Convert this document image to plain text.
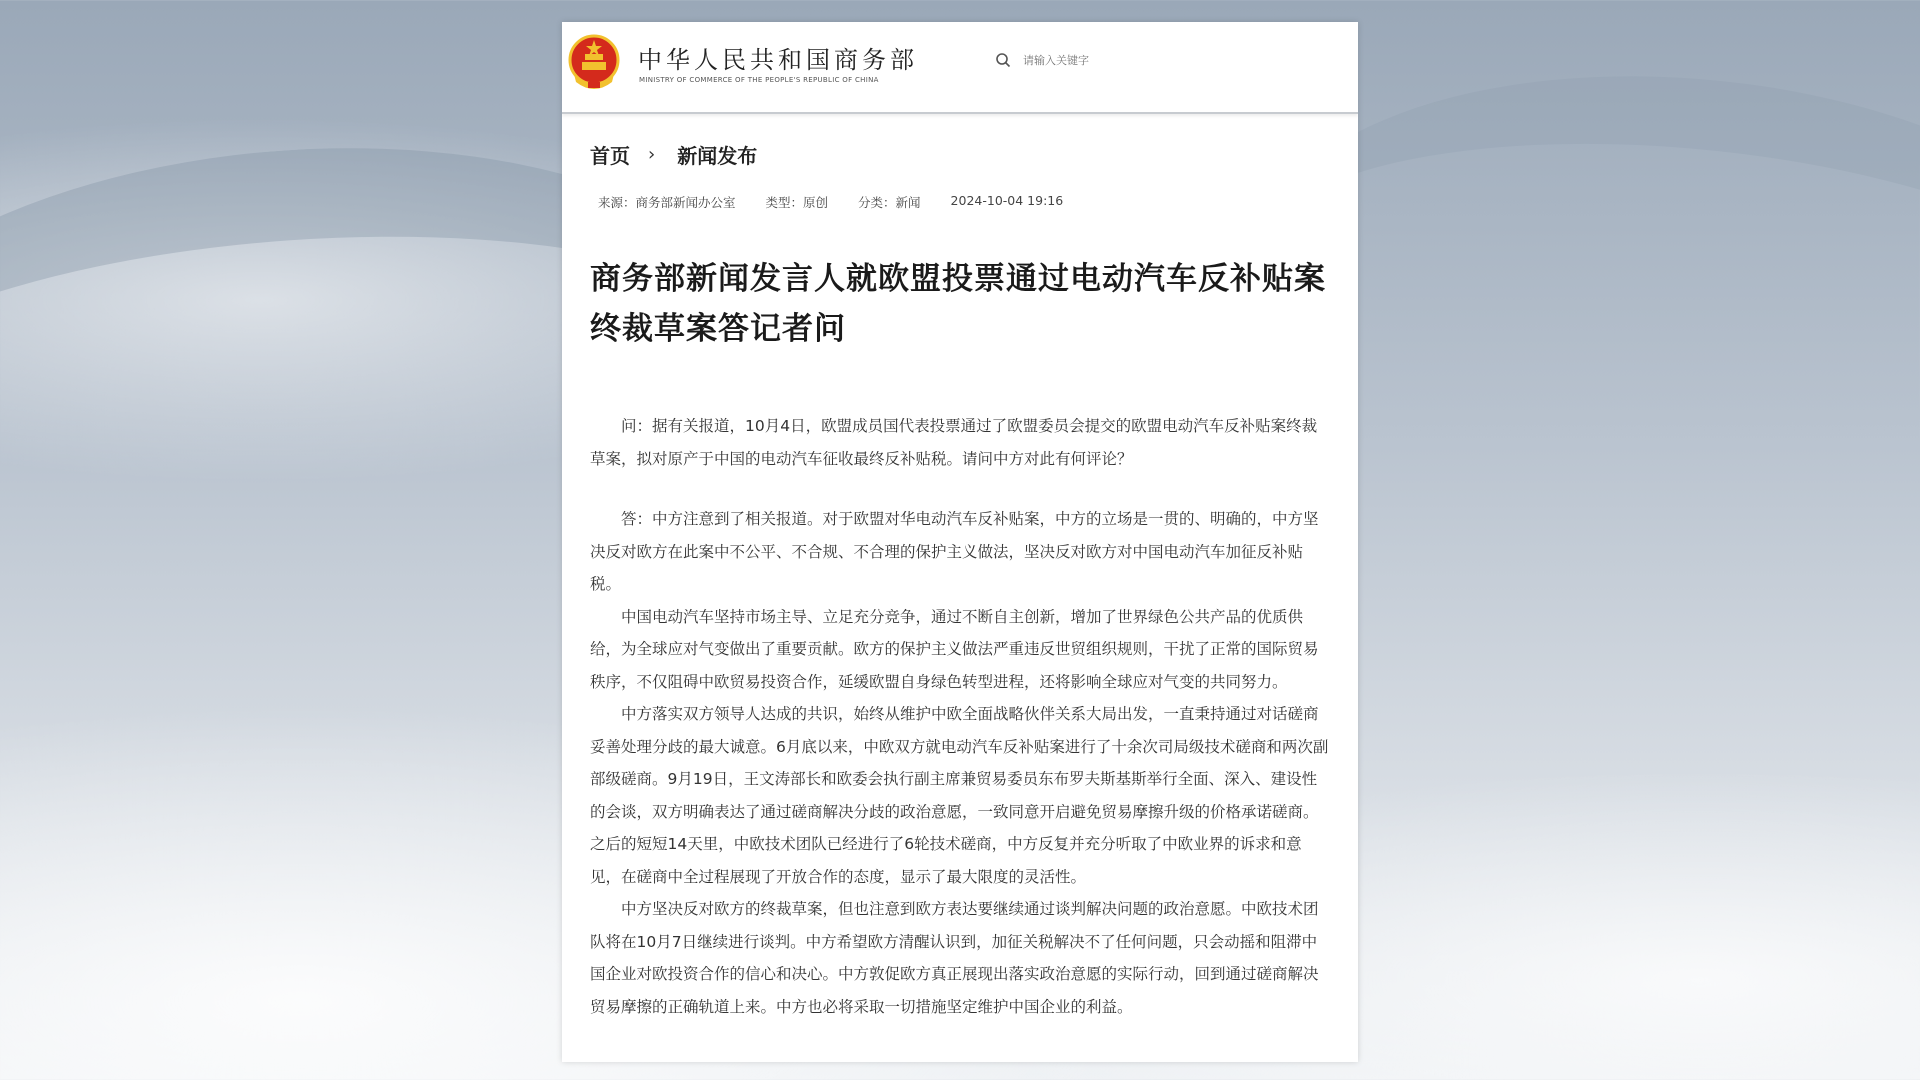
中华人民共和国商务部
MINISTRY OF COMMERCE OF THE PEOPLE'S REPUBLIC OF CHINA
请输入关键字
首页 › 新闻发布
来源：商务部新闻办公室 类型：原创 分类：新闻 2024-10-04 19:16
商务部新闻发言人就欧盟投票通过电动汽车反补贴案终裁草案答记者问

问：据有关报道，10月4日，欧盟成员国代表投票通过了欧盟委员会提交的欧盟电动汽车反补贴案终裁草案，拟对原产于中国的电动汽车征收最终反补贴税。请问中方对此有何评论？

答：中方注意到了相关报道。对于欧盟对华电动汽车反补贴案，中方的立场是一贯的、明确的，中方坚决反对欧方在此案中不公平、不合规、不合理的保护主义做法，坚决反对欧方对中国电动汽车加征反补贴税。

中国电动汽车坚持市场主导、立足充分竞争，通过不断自主创新，增加了世界绿色公共产品的优质供给，为全球应对气变做出了重要贡献。欧方的保护主义做法严重违反世贸组织规则，干扰了正常的国际贸易秩序，不仅阻碍中欧贸易投资合作，延缓欧盟自身绿色转型进程，还将影响全球应对气变的共同努力。

中方落实双方领导人达成的共识，始终从维护中欧全面战略伙伴关系大局出发，一直秉持通过对话磋商妥善处理分歧的最大诚意。6月底以来，中欧双方就电动汽车反补贴案进行了十余次司局级技术磋商和两次副部级磋商。9月19日，王文涛部长和欧委会执行副主席兼贸易委员东布罗夫斯基斯举行全面、深入、建设性的会谈，双方明确表达了通过磋商解决分歧的政治意愿，一致同意开启避免贸易摩擦升级的价格承诺磋商。之后的短短14天里，中欧技术团队已经进行了6轮技术磋商，中方反复并充分听取了中欧业界的诉求和意见，在磋商中全过程展现了开放合作的态度，显示了最大限度的灵活性。

中方坚决反对欧方的终裁草案，但也注意到欧方表达要继续通过谈判解决问题的政治意愿。中欧技术团队将在10月7日继续进行谈判。中方希望欧方清醒认识到，加征关税解决不了任何问题，只会动摇和阻滞中国企业对欧投资合作的信心和决心。中方敦促欧方真正展现出落实政治意愿的实际行动，回到通过磋商解决贸易摩擦的正确轨道上来。中方也必将采取一切措施坚定维护中国企业的利益。
